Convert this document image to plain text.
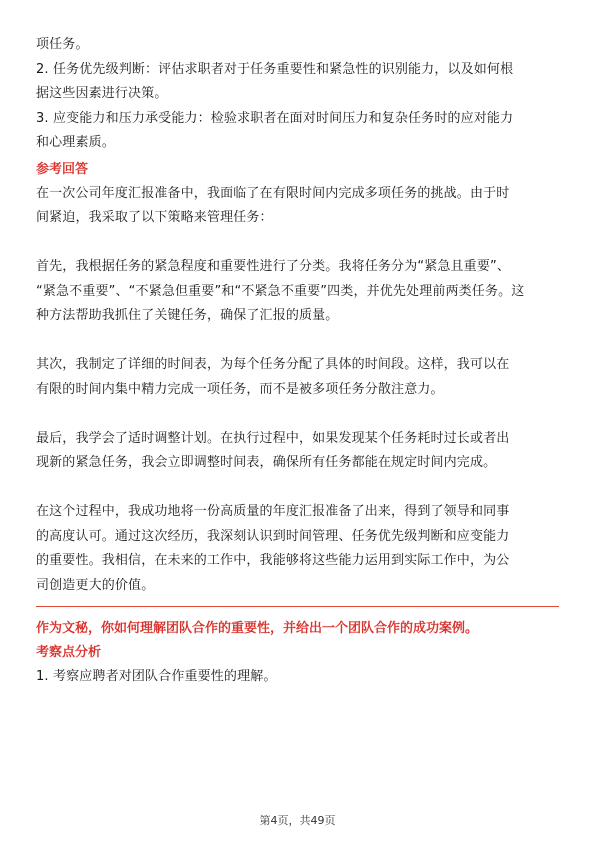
项任务。
2. 任务优先级判断：评估求职者对于任务重要性和紧急性的识别能力，以及如何根
据这些因素进行决策。
3. 应变能力和压力承受能力：检验求职者在面对时间压力和复杂任务时的应对能力
和心理素质。
参考回答
在一次公司年度汇报准备中，我面临了在有限时间内完成多项任务的挑战。由于时
间紧迫，我采取了以下策略来管理任务：
首先，我根据任务的紧急程度和重要性进行了分类。我将任务分为“紧急且重要”、
“紧急不重要”、“不紧急但重要”和“不紧急不重要”四类，并优先处理前两类任务。这
种方法帮助我抓住了关键任务，确保了汇报的质量。
其次，我制定了详细的时间表，为每个任务分配了具体的时间段。这样，我可以在
有限的时间内集中精力完成一项任务，而不是被多项任务分散注意力。
最后，我学会了适时调整计划。在执行过程中，如果发现某个任务耗时过长或者出
现新的紧急任务，我会立即调整时间表，确保所有任务都能在规定时间内完成。
在这个过程中，我成功地将一份高质量的年度汇报准备了出来，得到了领导和同事
的高度认可。通过这次经历，我深刻认识到时间管理、任务优先级判断和应变能力
的重要性。我相信，在未来的工作中，我能够将这些能力运用到实际工作中，为公
司创造更大的价值。
作为文秘，你如何理解团队合作的重要性，并给出一个团队合作的成功案例。
考察点分析
1. 考察应聘者对团队合作重要性的理解。
第4页，共49页
